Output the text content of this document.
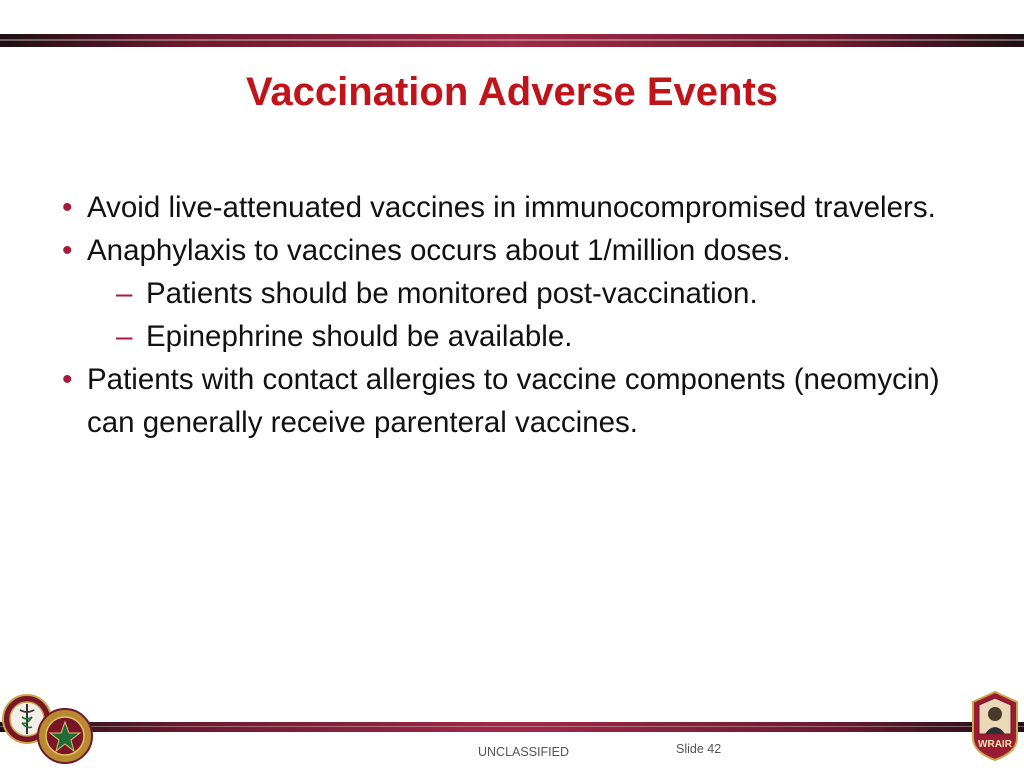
Vaccination Adverse Events
• Avoid live-attenuated vaccines in immunocompromised travelers.
• Anaphylaxis to vaccines occurs about 1/million doses.
– Patients should be monitored post-vaccination.
– Epinephrine should be available.
• Patients with contact allergies to vaccine components (neomycin) can generally receive parenteral vaccines.
WRAIR
UNCLASSIFIED	Slide 42
